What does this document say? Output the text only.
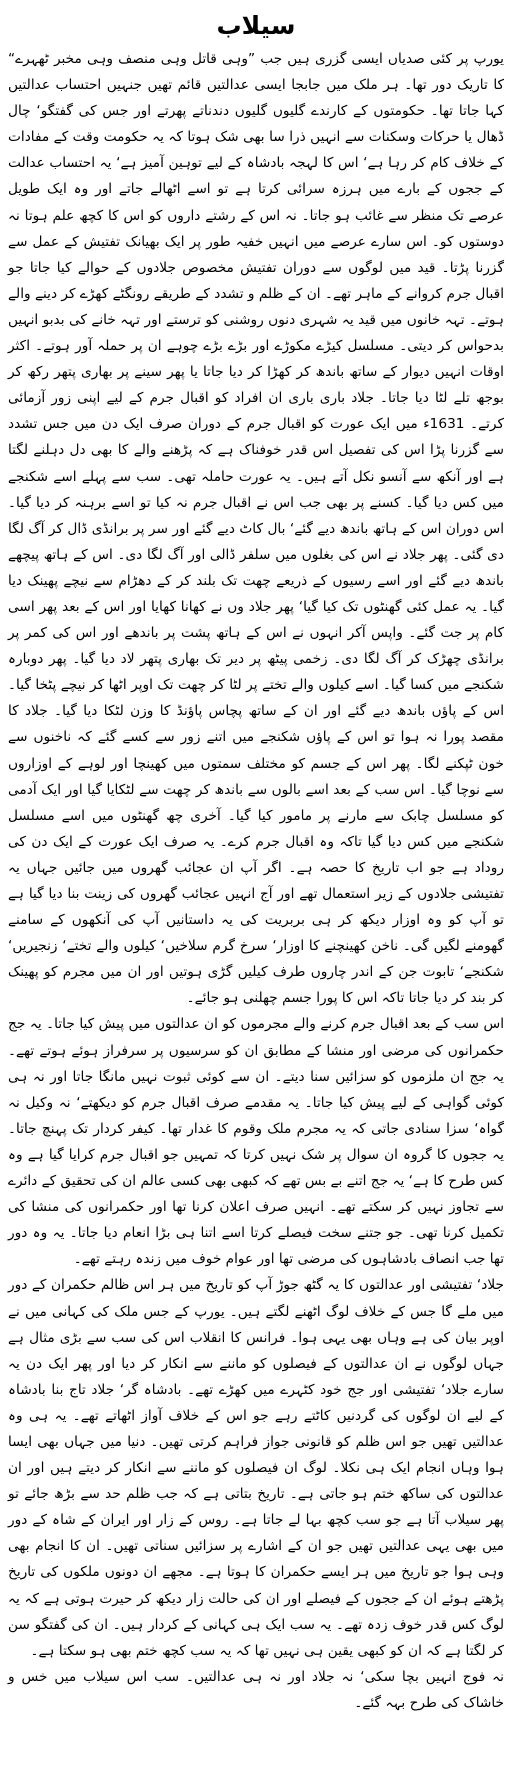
سیلاب

یورپ پر کئی صدیاں ایسی گزری ہیں جب ”وہی قاتل وہی منصف وہی مخبر ٹھہرے“ کا تاریک دور تھا۔ ہر ملک میں جابجا ایسی عدالتیں قائم تھیں جنہیں احتساب عدالتیں کہا جاتا تھا۔ حکومتوں کے کارندے گلیوں گلیوں دندناتے پھرتے اور جس کی گفتگو‘ چال ڈھال یا حرکات وسکنات سے انہیں ذرا سا بھی شک ہوتا کہ یہ حکومت وقت کے مفادات کے خلاف کام کر رہا ہے‘ اس کا لہجہ بادشاہ کے لیے توہین آمیز ہے‘ یہ احتساب عدالت کے ججوں کے بارے میں ہرزہ سرائی کرتا ہے تو اسے اٹھالے جاتے اور وہ ایک طویل عرصے تک منظر سے غائب ہو جاتا۔ نہ اس کے رشتے داروں کو اس کا کچھ علم ہوتا نہ دوستوں کو۔ اس سارے عرصے میں انہیں خفیہ طور پر ایک بھیانک تفتیش کے عمل سے گزرنا پڑتا۔ قید میں لوگوں سے دوران تفتیش مخصوص جلادوں کے حوالے کیا جاتا جو اقبال جرم کروانے کے ماہر تھے۔ ان کے ظلم و تشدد کے طریقے رونگٹے کھڑے کر دینے والے ہوتے۔ تہہ خانوں میں قید یہ شہری دنوں روشنی کو ترستے اور تہہ خانے کی بدبو انہیں بدحواس کر دیتی۔ مسلسل کیڑے مکوڑے اور بڑے بڑے چوہے ان پر حملہ آور ہوتے۔ اکثر اوقات انہیں دیوار کے ساتھ باندھ کر کھڑا کر دیا جاتا یا پھر سینے پر بھاری پتھر رکھ کر بوجھ تلے لٹا دیا جاتا۔ جلاد باری باری ان افراد کو اقبال جرم کے لیے اپنی زور آزمائی کرتے۔ 1631ء میں ایک عورت کو اقبال جرم کے دوران صرف ایک دن میں جس تشدد سے گزرنا پڑا اس کی تفصیل اس قدر خوفناک ہے کہ پڑھنے والے کا بھی دل دہلنے لگتا ہے اور آنکھ سے آنسو نکل آتے ہیں۔ یہ عورت حاملہ تھی۔ سب سے پہلے اسے شکنجے میں کس دیا گیا۔ کسنے پر بھی جب اس نے اقبال جرم نہ کیا تو اسے برہنہ کر دیا گیا۔ اس دوران اس کے ہاتھ باندھ دیے گئے‘ بال کاٹ دیے گئے اور سر پر برانڈی ڈال کر آگ لگا دی گئی۔ پھر جلاد نے اس کی بغلوں میں سلفر ڈالی اور آگ لگا دی۔ اس کے ہاتھ پیچھے باندھ دیے گئے اور اسے رسیوں کے ذریعے چھت تک بلند کر کے دھڑام سے نیچے پھینک دیا گیا۔ یہ عمل کئی گھنٹوں تک کیا گیا‘ پھر جلاد وں نے کھانا کھایا اور اس کے بعد پھر اسی کام پر جت گئے۔ واپس آکر انہوں نے اس کے ہاتھ پشت پر باندھے اور اس کی کمر پر برانڈی چھڑک کر آگ لگا دی۔ زخمی پیٹھ پر دیر تک بھاری پتھر لاد دیا گیا۔ پھر دوبارہ شکنجے میں کسا گیا۔ اسے کیلوں والے تختے پر لٹا کر چھت تک اوپر اٹھا کر نیچے پٹخا گیا۔ اس کے پاؤں باندھ دیے گئے اور ان کے ساتھ پچاس پاؤنڈ کا وزن لٹکا دیا گیا۔ جلاد کا مقصد پورا نہ ہوا تو اس کے پاؤں شکنجے میں اتنے زور سے کسے گئے کہ ناخنوں سے خون ٹپکنے لگا۔ پھر اس کے جسم کو مختلف سمتوں میں کھینچا اور لوہے کے اوزاروں سے نوچا گیا۔ اس سب کے بعد اسے بالوں سے باندھ کر چھت سے لٹکایا گیا اور ایک آدمی کو مسلسل چابک سے مارنے پر مامور کیا گیا۔ آخری چھ گھنٹوں میں اسے مسلسل شکنجے میں کس دیا گیا تاکہ وہ اقبال جرم کرے۔ یہ صرف ایک عورت کے ایک دن کی روداد ہے جو اب تاریخ کا حصہ ہے۔ اگر آپ ان عجائب گھروں میں جائیں جہاں یہ تفتیشی جلادوں کے زیر استعمال تھے اور آج انہیں عجائب گھروں کی زینت بنا دیا گیا ہے تو آپ کو وہ اوزار دیکھ کر ہی بربریت کی یہ داستانیں آپ کی آنکھوں کے سامنے گھومنے لگیں گی۔ ناخن کھینچنے کا اوزار‘ سرخ گرم سلاخیں‘ کیلوں والے تختے‘ زنجیریں‘ شکنجے‘ تابوت جن کے اندر چاروں طرف کیلیں گڑی ہوتیں اور ان میں مجرم کو پھینک کر بند کر دیا جاتا تاکہ اس کا پورا جسم چھلنی ہو جائے۔

اس سب کے بعد اقبال جرم کرنے والے مجرموں کو ان عدالتوں میں پیش کیا جاتا۔ یہ جج حکمرانوں کی مرضی اور منشا کے مطابق ان کو سرسیوں پر سرفراز ہوئے ہوتے تھے۔ یہ جج ان ملزموں کو سزائیں سنا دیتے۔ ان سے کوئی ثبوت نہیں مانگا جاتا اور نہ ہی کوئی گواہی کے لیے پیش کیا جاتا۔ یہ مقدمے صرف اقبال جرم کو دیکھتے‘ نہ وکیل نہ گواہ‘ سزا سنادی جاتی کہ یہ مجرم ملک وقوم کا غدار تھا۔ کیفر کردار تک پہنچ جاتا۔ یہ ججوں کا گروہ ان سوال پر شک نہیں کرتا کہ تمہیں جو اقبال جرم کرایا گیا ہے وہ کس طرح کا ہے‘ یہ جج اتنے بے بس تھے کہ کبھی بھی کسی عالم ان کی تحقیق کے دائرے سے تجاوز نہیں کر سکتے تھے۔ انہیں صرف اعلان کرنا تھا اور حکمرانوں کی منشا کی تکمیل کرنا تھی۔ جو جتنے سخت فیصلے کرتا اسے اتنا ہی بڑا انعام دیا جاتا۔ یہ وہ دور تھا جب انصاف بادشاہوں کی مرضی تھا اور عوام خوف میں زندہ رہتے تھے۔

جلاد‘ تفتیشی اور عدالتوں کا یہ گٹھ جوڑ آپ کو تاریخ میں ہر اس ظالم حکمران کے دور میں ملے گا جس کے خلاف لوگ اٹھنے لگتے ہیں۔ یورپ کے جس ملک کی کہانی میں نے اوپر بیان کی ہے وہاں بھی یہی ہوا۔ فرانس کا انقلاب اس کی سب سے بڑی مثال ہے جہاں لوگوں نے ان عدالتوں کے فیصلوں کو ماننے سے انکار کر دیا اور پھر ایک دن یہ سارے جلاد‘ تفتیشی اور جج خود کٹہرے میں کھڑے تھے۔ بادشاہ گر‘ جلاد تاج بنا بادشاہ کے لیے ان لوگوں کی گردنیں کاٹتے رہے جو اس کے خلاف آواز اٹھاتے تھے۔ یہ ہی وہ عدالتیں تھیں جو اس ظلم کو قانونی جواز فراہم کرتی تھیں۔ دنیا میں جہاں بھی ایسا ہوا وہاں انجام ایک ہی نکلا۔ لوگ ان فیصلوں کو ماننے سے انکار کر دیتے ہیں اور ان عدالتوں کی ساکھ ختم ہو جاتی ہے۔ تاریخ بتاتی ہے کہ جب ظلم حد سے بڑھ جائے تو پھر سیلاب آتا ہے جو سب کچھ بہا لے جاتا ہے۔ روس کے زار اور ایران کے شاہ کے دور میں بھی یہی عدالتیں تھیں جو ان کے اشارے پر سزائیں سناتی تھیں۔ ان کا انجام بھی وہی ہوا جو تاریخ میں ہر ایسے حکمران کا ہوتا ہے۔ مجھے ان دونوں ملکوں کی تاریخ پڑھتے ہوئے ان کے ججوں کے فیصلے اور ان کی حالت زار دیکھ کر حیرت ہوتی ہے کہ یہ لوگ کس قدر خوف زدہ تھے۔ یہ سب ایک ہی کہانی کے کردار ہیں۔ ان کی گفتگو سن کر لگتا ہے کہ ان کو کبھی یقین ہی نہیں تھا کہ یہ سب کچھ ختم بھی ہو سکتا ہے۔

نہ فوج انہیں بچا سکی‘ نہ جلاد اور نہ ہی عدالتیں۔ سب اس سیلاب میں خس و خاشاک کی طرح بہہ گئے۔
